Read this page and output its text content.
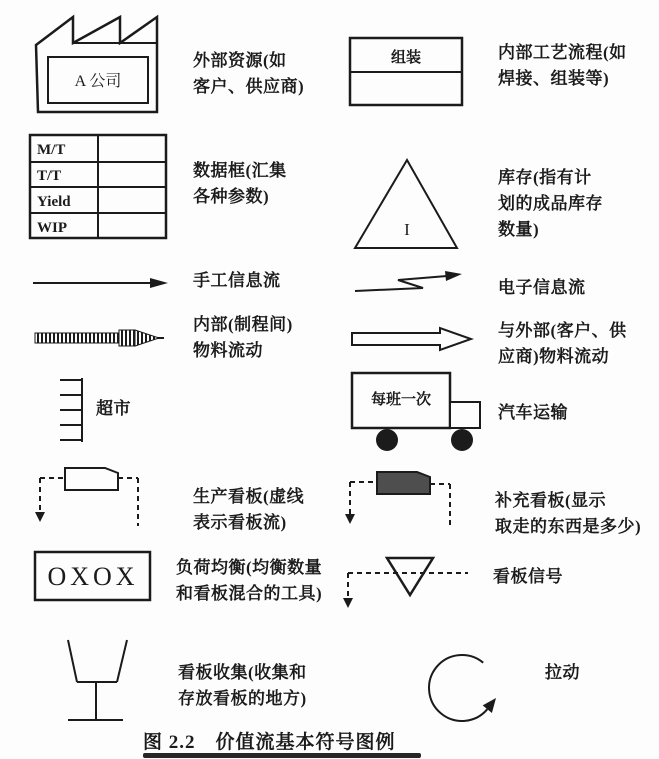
A 公司
外部资源(如
客户、供应商)
组装	内部工艺流程(如
焊接、组装等)
M/T
T/T
Yield
WIP
数据框(汇集
各种参数)
I
库存(指有计
划的成品库存
数量)
手工信息流	电子信息流
内部(制程间)
物料流动
与外部(客户、供
应商)物料流动
超市	每班一次
汽车运输
生产看板(虚线
表示看板流)
补充看板(显示
取走的东西是多少)
OXOX 负荷均衡(均衡数量
和看板混合的工具)
看板信号
看板收集(收集和
存放看板的地方)
拉动
图 2.2　价值流基本符号图例
